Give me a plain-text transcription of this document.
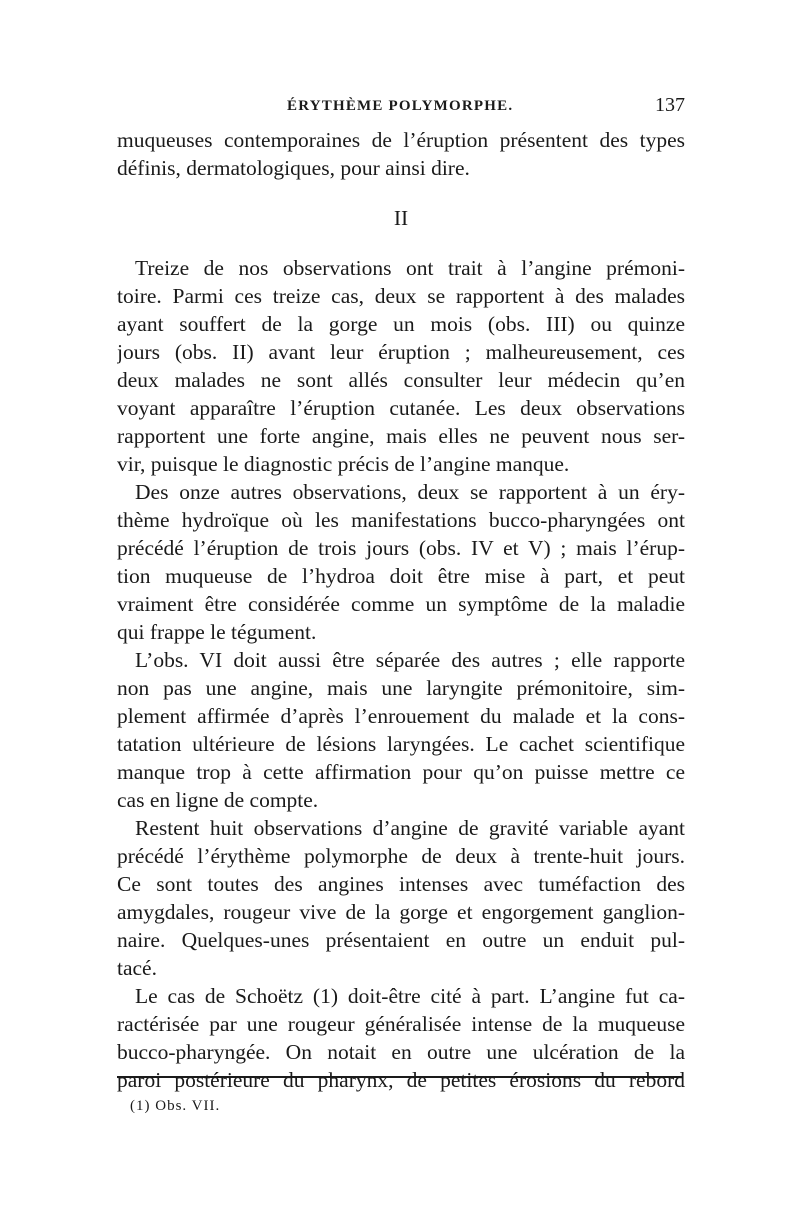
ÉRYTHÈME POLYMORPHE.	137
muqueuses contemporaines de l’éruption présentent des types
définis, dermatologiques, pour ainsi dire.
II
Treize de nos observations ont trait à l’angine prémoni-
toire. Parmi ces treize cas, deux se rapportent à des malades
ayant souffert de la gorge un mois (obs. III) ou quinze
jours (obs. II) avant leur éruption ; malheureusement, ces
deux malades ne sont allés consulter leur médecin qu’en
voyant apparaître l’éruption cutanée. Les deux observations
rapportent une forte angine, mais elles ne peuvent nous ser-
vir, puisque le diagnostic précis de l’angine manque.
Des onze autres observations, deux se rapportent à un éry-
thème hydroïque où les manifestations bucco-pharyngées ont
précédé l’éruption de trois jours (obs. IV et V) ; mais l’érup-
tion muqueuse de l’hydroa doit être mise à part, et peut
vraiment être considérée comme un symptôme de la maladie
qui frappe le tégument.
L’obs. VI doit aussi être séparée des autres ; elle rapporte
non pas une angine, mais une laryngite prémonitoire, sim-
plement affirmée d’après l’enrouement du malade et la cons-
tatation ultérieure de lésions laryngées. Le cachet scientifique
manque trop à cette affirmation pour qu’on puisse mettre ce
cas en ligne de compte.
Restent huit observations d’angine de gravité variable ayant
précédé l’érythème polymorphe de deux à trente-huit jours.
Ce sont toutes des angines intenses avec tuméfaction des
amygdales, rougeur vive de la gorge et engorgement ganglion-
naire. Quelques-unes présentaient en outre un enduit pul-
tacé.
Le cas de Schoëtz (1) doit-être cité à part. L’angine fut ca-
ractérisée par une rougeur généralisée intense de la muqueuse
bucco-pharyngée. On notait en outre une ulcération de la
paroi postérieure du pharynx, de petites érosions du rebord
(1) Obs. VII.
